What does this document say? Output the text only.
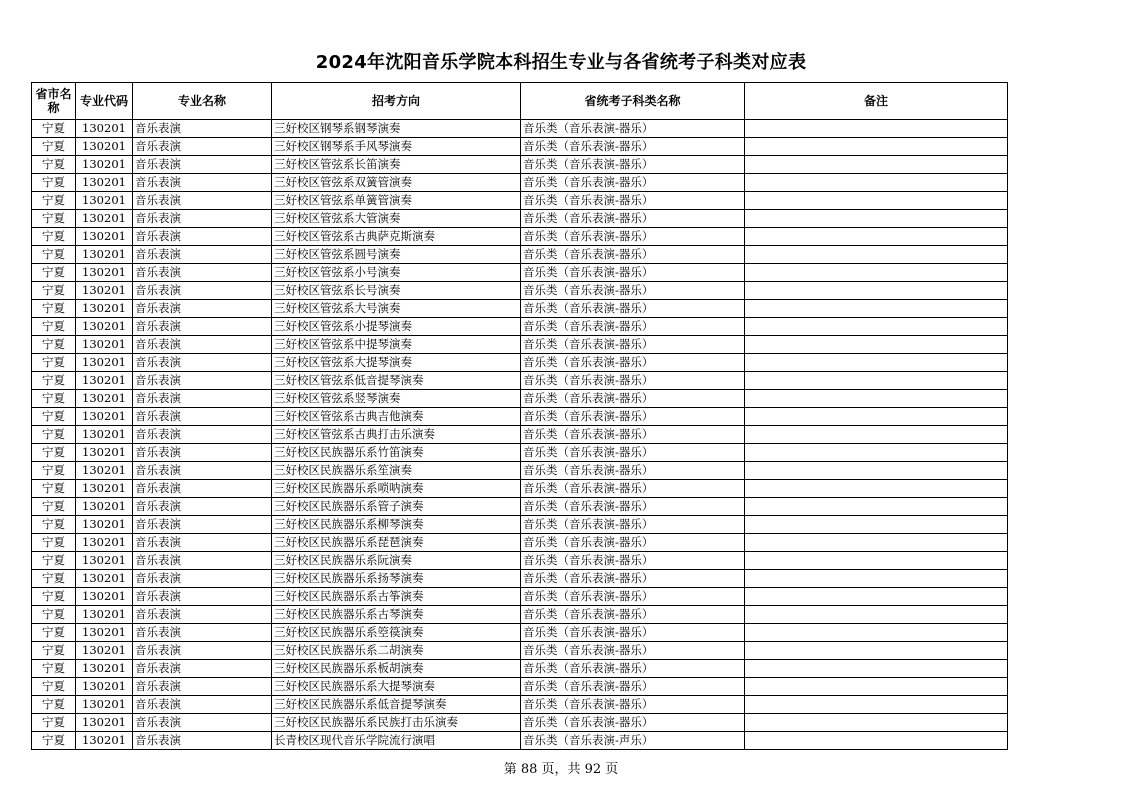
2024年沈阳音乐学院本科招生专业与各省统考子科类对应表
省市名称	专业代码	专业名称	招考方向	省统考子科类名称	备注
宁夏	130201	音乐表演	三好校区钢琴系钢琴演奏	音乐类（音乐表演-器乐）	
宁夏	130201	音乐表演	三好校区钢琴系手风琴演奏	音乐类（音乐表演-器乐）	
宁夏	130201	音乐表演	三好校区管弦系长笛演奏	音乐类（音乐表演-器乐）	
宁夏	130201	音乐表演	三好校区管弦系双簧管演奏	音乐类（音乐表演-器乐）	
宁夏	130201	音乐表演	三好校区管弦系单簧管演奏	音乐类（音乐表演-器乐）	
宁夏	130201	音乐表演	三好校区管弦系大管演奏	音乐类（音乐表演-器乐）	
宁夏	130201	音乐表演	三好校区管弦系古典萨克斯演奏	音乐类（音乐表演-器乐）	
宁夏	130201	音乐表演	三好校区管弦系圆号演奏	音乐类（音乐表演-器乐）	
宁夏	130201	音乐表演	三好校区管弦系小号演奏	音乐类（音乐表演-器乐）	
宁夏	130201	音乐表演	三好校区管弦系长号演奏	音乐类（音乐表演-器乐）	
宁夏	130201	音乐表演	三好校区管弦系大号演奏	音乐类（音乐表演-器乐）	
宁夏	130201	音乐表演	三好校区管弦系小提琴演奏	音乐类（音乐表演-器乐）	
宁夏	130201	音乐表演	三好校区管弦系中提琴演奏	音乐类（音乐表演-器乐）	
宁夏	130201	音乐表演	三好校区管弦系大提琴演奏	音乐类（音乐表演-器乐）	
宁夏	130201	音乐表演	三好校区管弦系低音提琴演奏	音乐类（音乐表演-器乐）	
宁夏	130201	音乐表演	三好校区管弦系竖琴演奏	音乐类（音乐表演-器乐）	
宁夏	130201	音乐表演	三好校区管弦系古典吉他演奏	音乐类（音乐表演-器乐）	
宁夏	130201	音乐表演	三好校区管弦系古典打击乐演奏	音乐类（音乐表演-器乐）	
宁夏	130201	音乐表演	三好校区民族器乐系竹笛演奏	音乐类（音乐表演-器乐）	
宁夏	130201	音乐表演	三好校区民族器乐系笙演奏	音乐类（音乐表演-器乐）	
宁夏	130201	音乐表演	三好校区民族器乐系唢呐演奏	音乐类（音乐表演-器乐）	
宁夏	130201	音乐表演	三好校区民族器乐系管子演奏	音乐类（音乐表演-器乐）	
宁夏	130201	音乐表演	三好校区民族器乐系柳琴演奏	音乐类（音乐表演-器乐）	
宁夏	130201	音乐表演	三好校区民族器乐系琵琶演奏	音乐类（音乐表演-器乐）	
宁夏	130201	音乐表演	三好校区民族器乐系阮演奏	音乐类（音乐表演-器乐）	
宁夏	130201	音乐表演	三好校区民族器乐系扬琴演奏	音乐类（音乐表演-器乐）	
宁夏	130201	音乐表演	三好校区民族器乐系古筝演奏	音乐类（音乐表演-器乐）	
宁夏	130201	音乐表演	三好校区民族器乐系古琴演奏	音乐类（音乐表演-器乐）	
宁夏	130201	音乐表演	三好校区民族器乐系箜篌演奏	音乐类（音乐表演-器乐）	
宁夏	130201	音乐表演	三好校区民族器乐系二胡演奏	音乐类（音乐表演-器乐）	
宁夏	130201	音乐表演	三好校区民族器乐系板胡演奏	音乐类（音乐表演-器乐）	
宁夏	130201	音乐表演	三好校区民族器乐系大提琴演奏	音乐类（音乐表演-器乐）	
宁夏	130201	音乐表演	三好校区民族器乐系低音提琴演奏	音乐类（音乐表演-器乐）	
宁夏	130201	音乐表演	三好校区民族器乐系民族打击乐演奏	音乐类（音乐表演-器乐）	
宁夏	130201	音乐表演	长青校区现代音乐学院流行演唱	音乐类（音乐表演-声乐）	
第 88 页，共 92 页
